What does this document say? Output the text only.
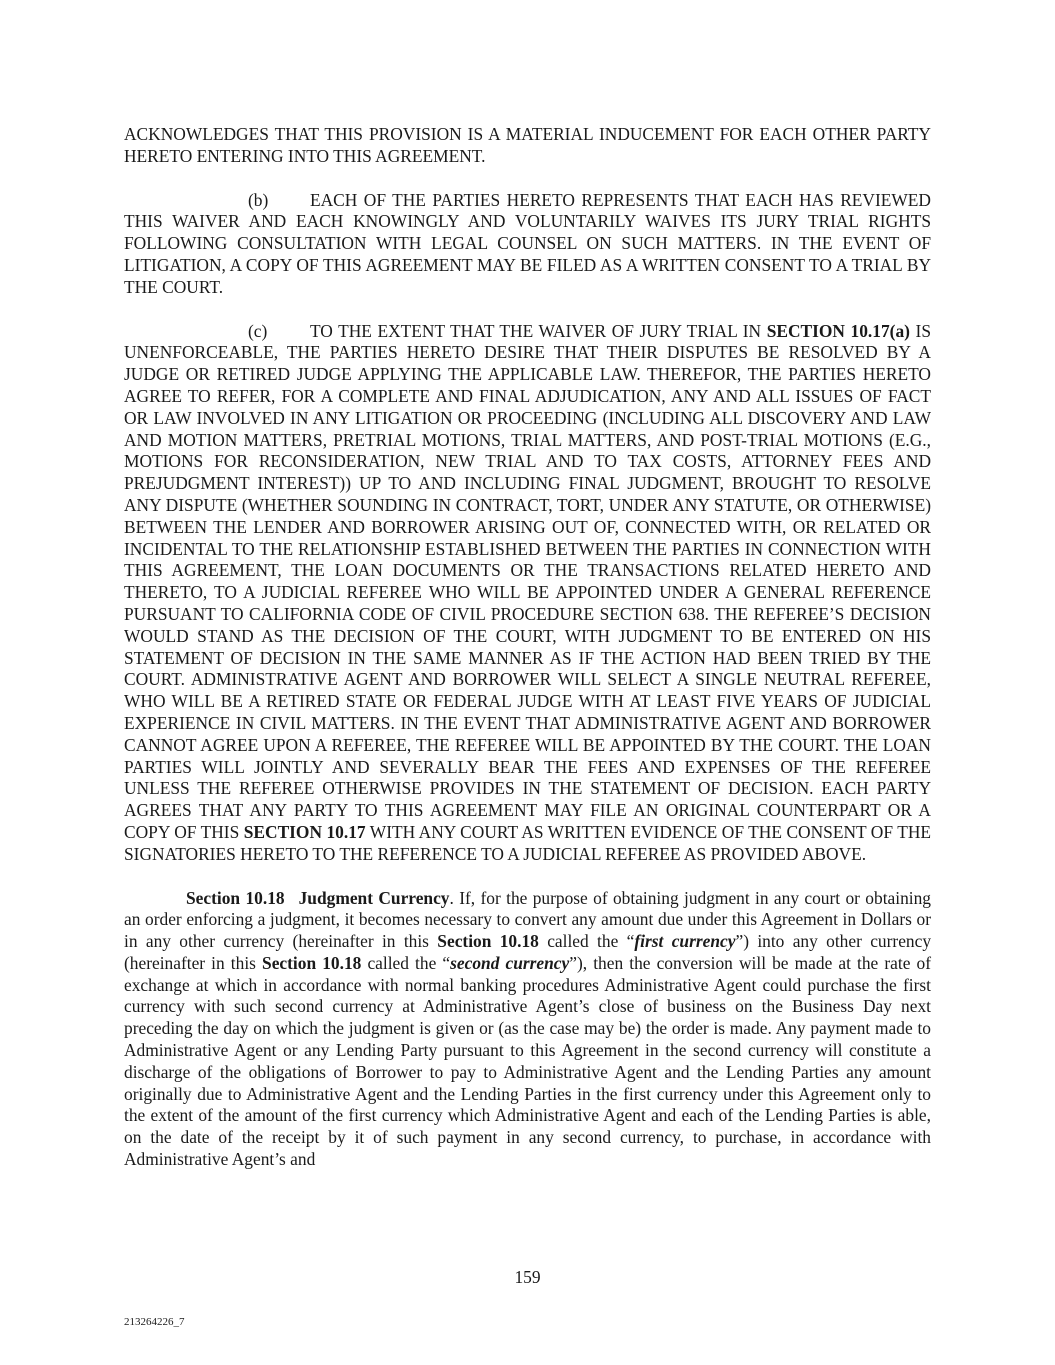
ACKNOWLEDGES THAT THIS PROVISION IS A MATERIAL INDUCEMENT FOR EACH OTHER PARTY HERETO ENTERING INTO THIS AGREEMENT.

(b) EACH OF THE PARTIES HERETO REPRESENTS THAT EACH HAS REVIEWED THIS WAIVER AND EACH KNOWINGLY AND VOLUNTARILY WAIVES ITS JURY TRIAL RIGHTS FOLLOWING CONSULTATION WITH LEGAL COUNSEL ON SUCH MATTERS. IN THE EVENT OF LITIGATION, A COPY OF THIS AGREEMENT MAY BE FILED AS A WRITTEN CONSENT TO A TRIAL BY THE COURT.

(c) TO THE EXTENT THAT THE WAIVER OF JURY TRIAL IN SECTION 10.17(a) IS UNENFORCEABLE, THE PARTIES HERETO DESIRE THAT THEIR DISPUTES BE RESOLVED BY A JUDGE OR RETIRED JUDGE APPLYING THE APPLICABLE LAW. THEREFOR, THE PARTIES HERETO AGREE TO REFER, FOR A COMPLETE AND FINAL ADJUDICATION, ANY AND ALL ISSUES OF FACT OR LAW INVOLVED IN ANY LITIGATION OR PROCEEDING (INCLUDING ALL DISCOVERY AND LAW AND MOTION MATTERS, PRETRIAL MOTIONS, TRIAL MATTERS, AND POST-TRIAL MOTIONS (E.G., MOTIONS FOR RECONSIDERATION, NEW TRIAL AND TO TAX COSTS, ATTORNEY FEES AND PREJUDGMENT INTEREST)) UP TO AND INCLUDING FINAL JUDGMENT, BROUGHT TO RESOLVE ANY DISPUTE (WHETHER SOUNDING IN CONTRACT, TORT, UNDER ANY STATUTE, OR OTHERWISE) BETWEEN THE LENDER AND BORROWER ARISING OUT OF, CONNECTED WITH, OR RELATED OR INCIDENTAL TO THE RELATIONSHIP ESTABLISHED BETWEEN THE PARTIES IN CONNECTION WITH THIS AGREEMENT, THE LOAN DOCUMENTS OR THE TRANSACTIONS RELATED HERETO AND THERETO, TO A JUDICIAL REFEREE WHO WILL BE APPOINTED UNDER A GENERAL REFERENCE PURSUANT TO CALIFORNIA CODE OF CIVIL PROCEDURE SECTION 638. THE REFEREE’S DECISION WOULD STAND AS THE DECISION OF THE COURT, WITH JUDGMENT TO BE ENTERED ON HIS STATEMENT OF DECISION IN THE SAME MANNER AS IF THE ACTION HAD BEEN TRIED BY THE COURT. ADMINISTRATIVE AGENT AND BORROWER WILL SELECT A SINGLE NEUTRAL REFEREE, WHO WILL BE A RETIRED STATE OR FEDERAL JUDGE WITH AT LEAST FIVE YEARS OF JUDICIAL EXPERIENCE IN CIVIL MATTERS. IN THE EVENT THAT ADMINISTRATIVE AGENT AND BORROWER CANNOT AGREE UPON A REFEREE, THE REFEREE WILL BE APPOINTED BY THE COURT. THE LOAN PARTIES WILL JOINTLY AND SEVERALLY BEAR THE FEES AND EXPENSES OF THE REFEREE UNLESS THE REFEREE OTHERWISE PROVIDES IN THE STATEMENT OF DECISION. EACH PARTY AGREES THAT ANY PARTY TO THIS AGREEMENT MAY FILE AN ORIGINAL COUNTERPART OR A COPY OF THIS SECTION 10.17 WITH ANY COURT AS WRITTEN EVIDENCE OF THE CONSENT OF THE SIGNATORIES HERETO TO THE REFERENCE TO A JUDICIAL REFEREE AS PROVIDED ABOVE.

Section 10.18 Judgment Currency. If, for the purpose of obtaining judgment in any court or obtaining an order enforcing a judgment, it becomes necessary to convert any amount due under this Agreement in Dollars or in any other currency (hereinafter in this Section 10.18 called the “first currency”) into any other currency (hereinafter in this Section 10.18 called the “second currency”), then the conversion will be made at the rate of exchange at which in accordance with normal banking procedures Administrative Agent could purchase the first currency with such second currency at Administrative Agent’s close of business on the Business Day next preceding the day on which the judgment is given or (as the case may be) the order is made. Any payment made to Administrative Agent or any Lending Party pursuant to this Agreement in the second currency will constitute a discharge of the obligations of Borrower to pay to Administrative Agent and the Lending Parties any amount originally due to Administrative Agent and the Lending Parties in the first currency under this Agreement only to the extent of the amount of the first currency which Administrative Agent and each of the Lending Parties is able, on the date of the receipt by it of such payment in any second currency, to purchase, in accordance with Administrative Agent’s and

159
213264226_7
